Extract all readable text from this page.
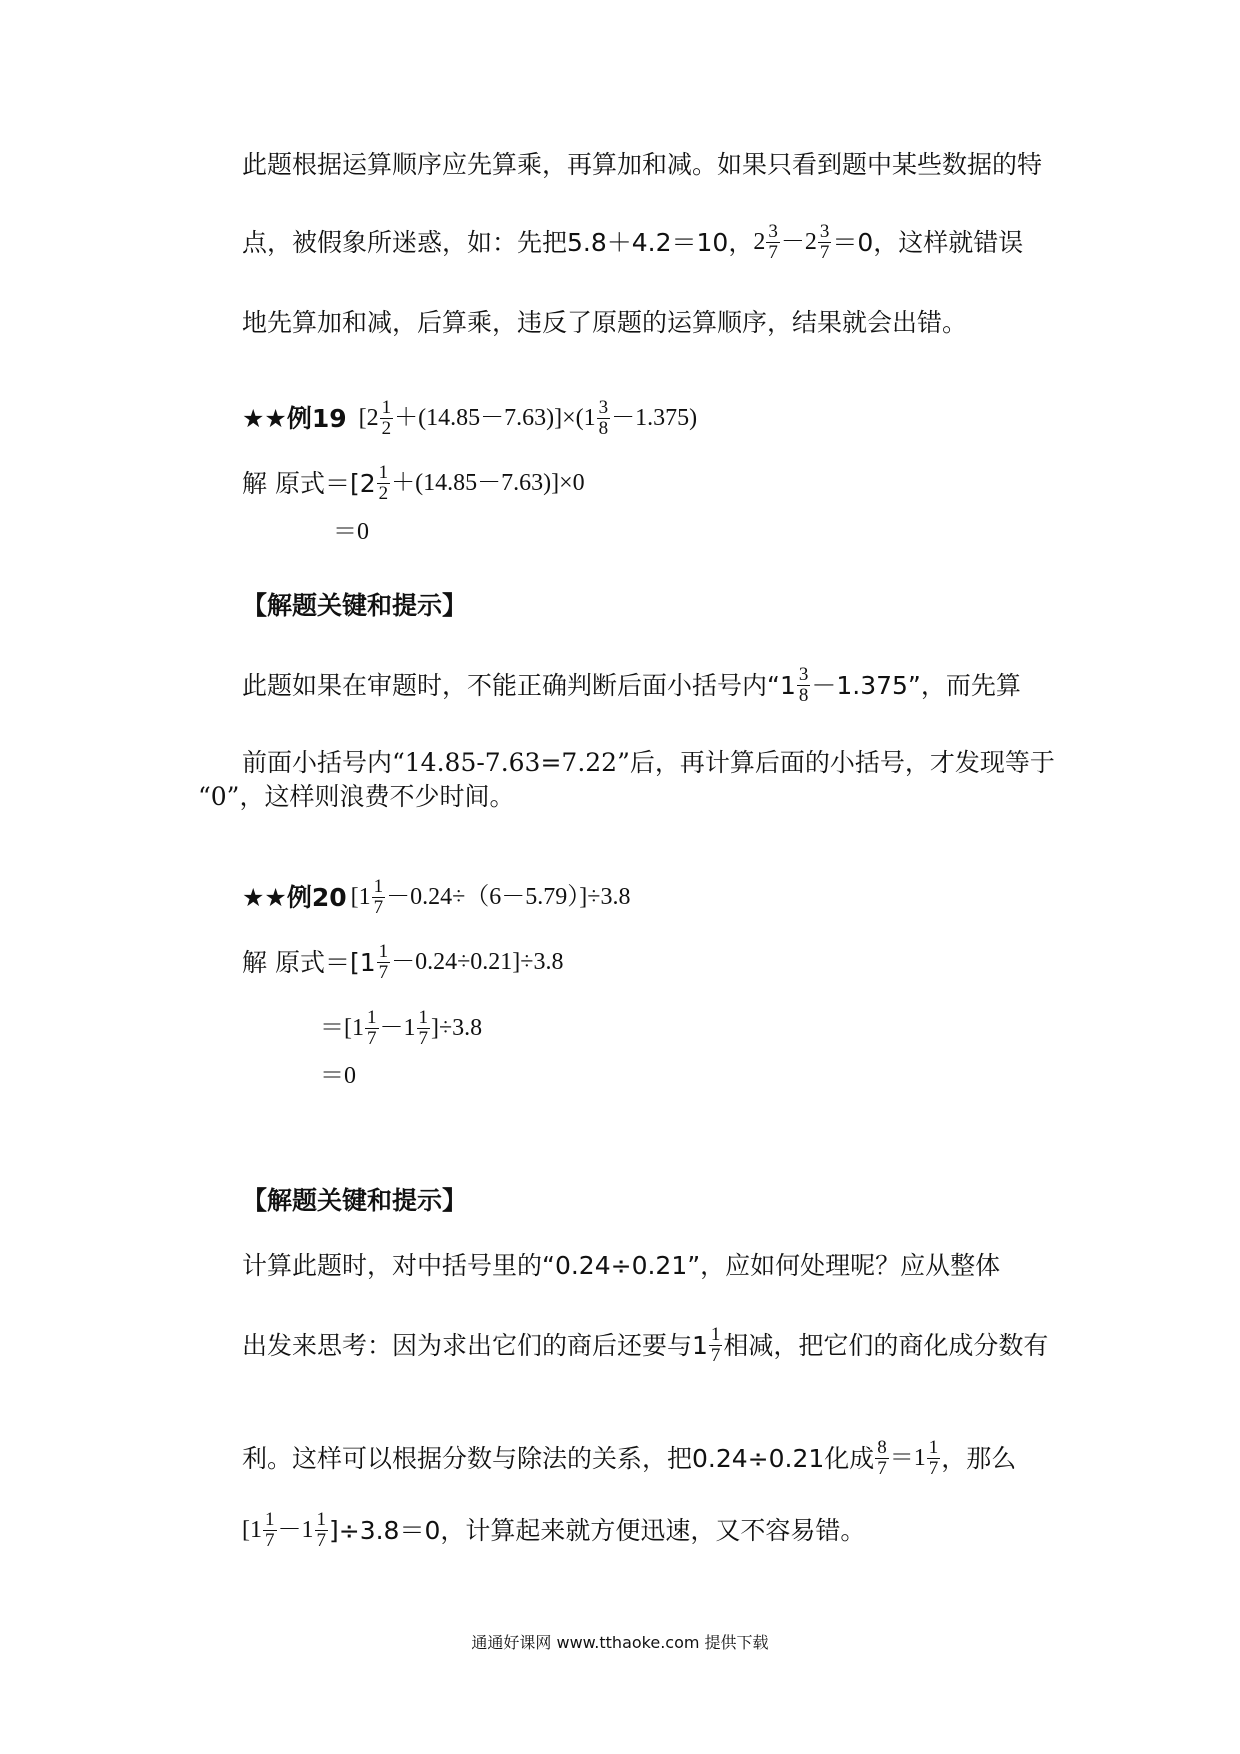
此题根据运算顺序应先算乘，再算加和减。如果只看到题中某些数据的特
点，被假象所迷惑，如：先把5.8＋4.2＝10， $2 \frac{3}{7} -2 \frac{3}{7} =0$，这样就错误
地先算加和减，后算乘，违反了原题的运算顺序，结果就会出错。
★★例19 $[2 \frac{1}{2} +(14.85-7.63)]\times(1 \frac{3}{8} -1.375)$
解 原式$=[2 \frac{1}{2} +(14.85-7.63)]\times 0$
＝0
【解题关键和提示】
此题如果在审题时，不能正确判断后面小括号内“$1 \frac{3}{8} -1.375$”，而先算
前面小括号内“14.85-7.63=7.22”后，再计算后面的小括号，才发现等于
“0”，这样则浪费不少时间。
★★例20 $[1 \frac{1}{7} -0.24\div(6-5.79)]\div 3.8$
解 原式$=[1 \frac{1}{7} -0.24\div 0.21]\div 3.8$
$=[1 \frac{1}{7} -1 \frac{1}{7} ]\div 3.8$
＝0
【解题关键和提示】
计算此题时，对中括号里的“0.24÷0.21”，应如何处理呢？应从整体
出发来思考：因为求出它们的商后还要与$1 \frac{1}{7}$ 相减，把它们的商化成分数有
利。这样可以根据分数与除法的关系，把0.24÷0.21化成 $\frac{8}{7} =1 \frac{1}{7}$ ，那么
$[1 \frac{1}{7} -1 \frac{1}{7} ]\div 3.8=0$，计算起来就方便迅速，又不容易错。
通通好课网 www.tthaoke.com 提供下载
